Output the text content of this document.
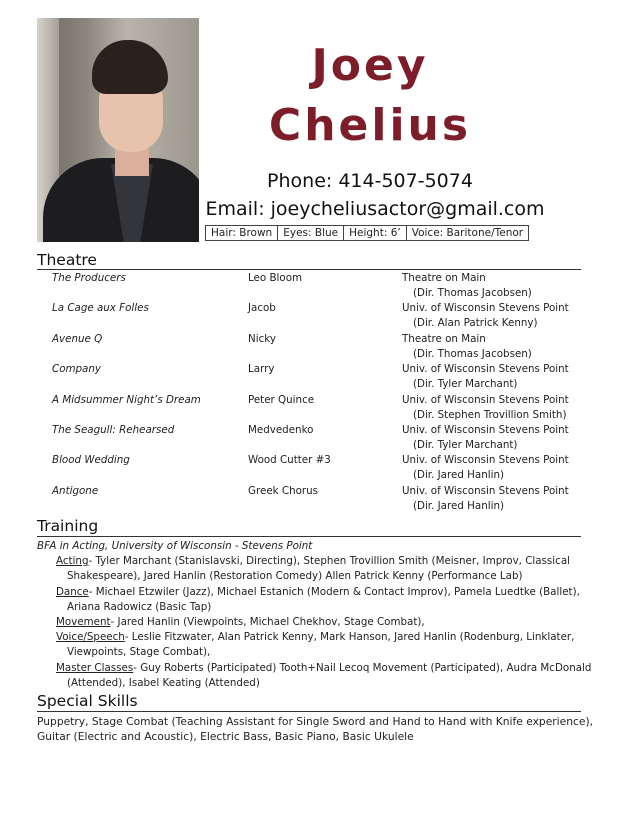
Joey
Chelius
Phone: 414-507-5074
Email: joeycheliusactor@gmail.com
Hair: Brown	Eyes: Blue	Height: 6’	Voice: Baritone/Tenor
Theatre
The Producers	Leo Bloom	Theatre on Main
(Dir. Thomas Jacobsen)
La Cage aux Folles	Jacob	Univ. of Wisconsin Stevens Point
(Dir. Alan Patrick Kenny)
Avenue Q	Nicky	Theatre on Main
(Dir. Thomas Jacobsen)
Company	Larry	Univ. of Wisconsin Stevens Point
(Dir. Tyler Marchant)
A Midsummer Night’s Dream	Peter Quince	Univ. of Wisconsin Stevens Point
(Dir. Stephen Trovillion Smith)
The Seagull: Rehearsed	Medvedenko	Univ. of Wisconsin Stevens Point
(Dir. Tyler Marchant)
Blood Wedding	Wood Cutter #3	Univ. of Wisconsin Stevens Point
(Dir. Jared Hanlin)
Antigone	Greek Chorus	Univ. of Wisconsin Stevens Point
(Dir. Jared Hanlin)
Training
BFA in Acting, University of Wisconsin - Stevens Point
Acting- Tyler Marchant (Stanislavski, Directing), Stephen Trovillion Smith (Meisner, Improv, Classical Shakespeare), Jared Hanlin (Restoration Comedy) Allen Patrick Kenny (Performance Lab)
Dance- Michael Etzwiler (Jazz), Michael Estanich (Modern & Contact Improv), Pamela Luedtke (Ballet), Ariana Radowicz (Basic Tap)
Movement- Jared Hanlin (Viewpoints, Michael Chekhov, Stage Combat),
Voice/Speech- Leslie Fitzwater, Alan Patrick Kenny, Mark Hanson, Jared Hanlin (Rodenburg, Linklater, Viewpoints, Stage Combat),
Master Classes- Guy Roberts (Participated) Tooth+Nail Lecoq Movement (Participated), Audra McDonald (Attended), Isabel Keating (Attended)
Special Skills
Puppetry, Stage Combat (Teaching Assistant for Single Sword and Hand to Hand with Knife experience), Guitar (Electric and Acoustic), Electric Bass, Basic Piano, Basic Ukulele
